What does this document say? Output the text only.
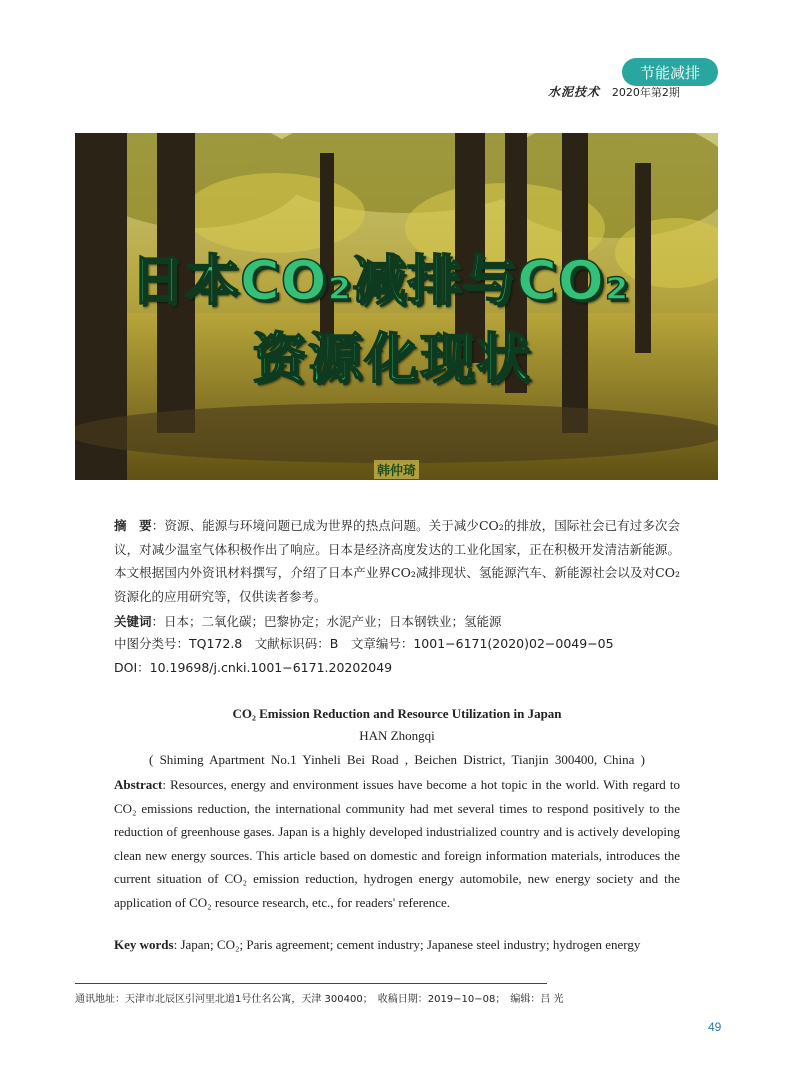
节能减排
水泥技术 2020年第2期
韩仲琦
日本CO₂减排与CO₂
资源化现状
摘　要：资源、能源与环境问题已成为世界的热点问题。关于减少CO₂的排放，国际社会已有过多次会议，对减少温室气体积极作出了响应。日本是经济高度发达的工业化国家，正在积极开发清洁新能源。本文根据国内外资讯材料撰写，介绍了日本产业界CO₂减排现状、氢能源汽车、新能源社会以及对CO₂资源化的应用研究等，仅供读者参考。
关键词：日本；二氧化碳；巴黎协定；水泥产业；日本钢铁业；氢能源
中图分类号：TQ172.8　文献标识码：B　文章编号：1001−6171(2020)02−0049−05
DOI：10.19698/j.cnki.1001−6171.20202049
CO₂ Emission Reduction and Resource Utilization in Japan
HAN Zhongqi
( Shiming Apartment No.1 Yinheli Bei Road , Beichen District, Tianjin 300400, China )
Abstract: Resources, energy and environment issues have become a hot topic in the world. With regard to CO₂ emissions reduction, the international community had met several times to respond positively to the reduction of greenhouse gases. Japan is a highly developed industrialized country and is actively developing clean new energy sources. This article based on domestic and foreign information materials, introduces the current situation of CO₂ emission reduction, hydrogen energy automobile, new energy society and the application of CO₂ resource research, etc., for readers' reference.
Key words: Japan; CO₂; Paris agreement; cement industry; Japanese steel industry; hydrogen energy
通讯地址：天津市北辰区引河里北道1号仕名公寓，天津 300400；　收稿日期：2019−10−08；　编辑：吕 光
49
